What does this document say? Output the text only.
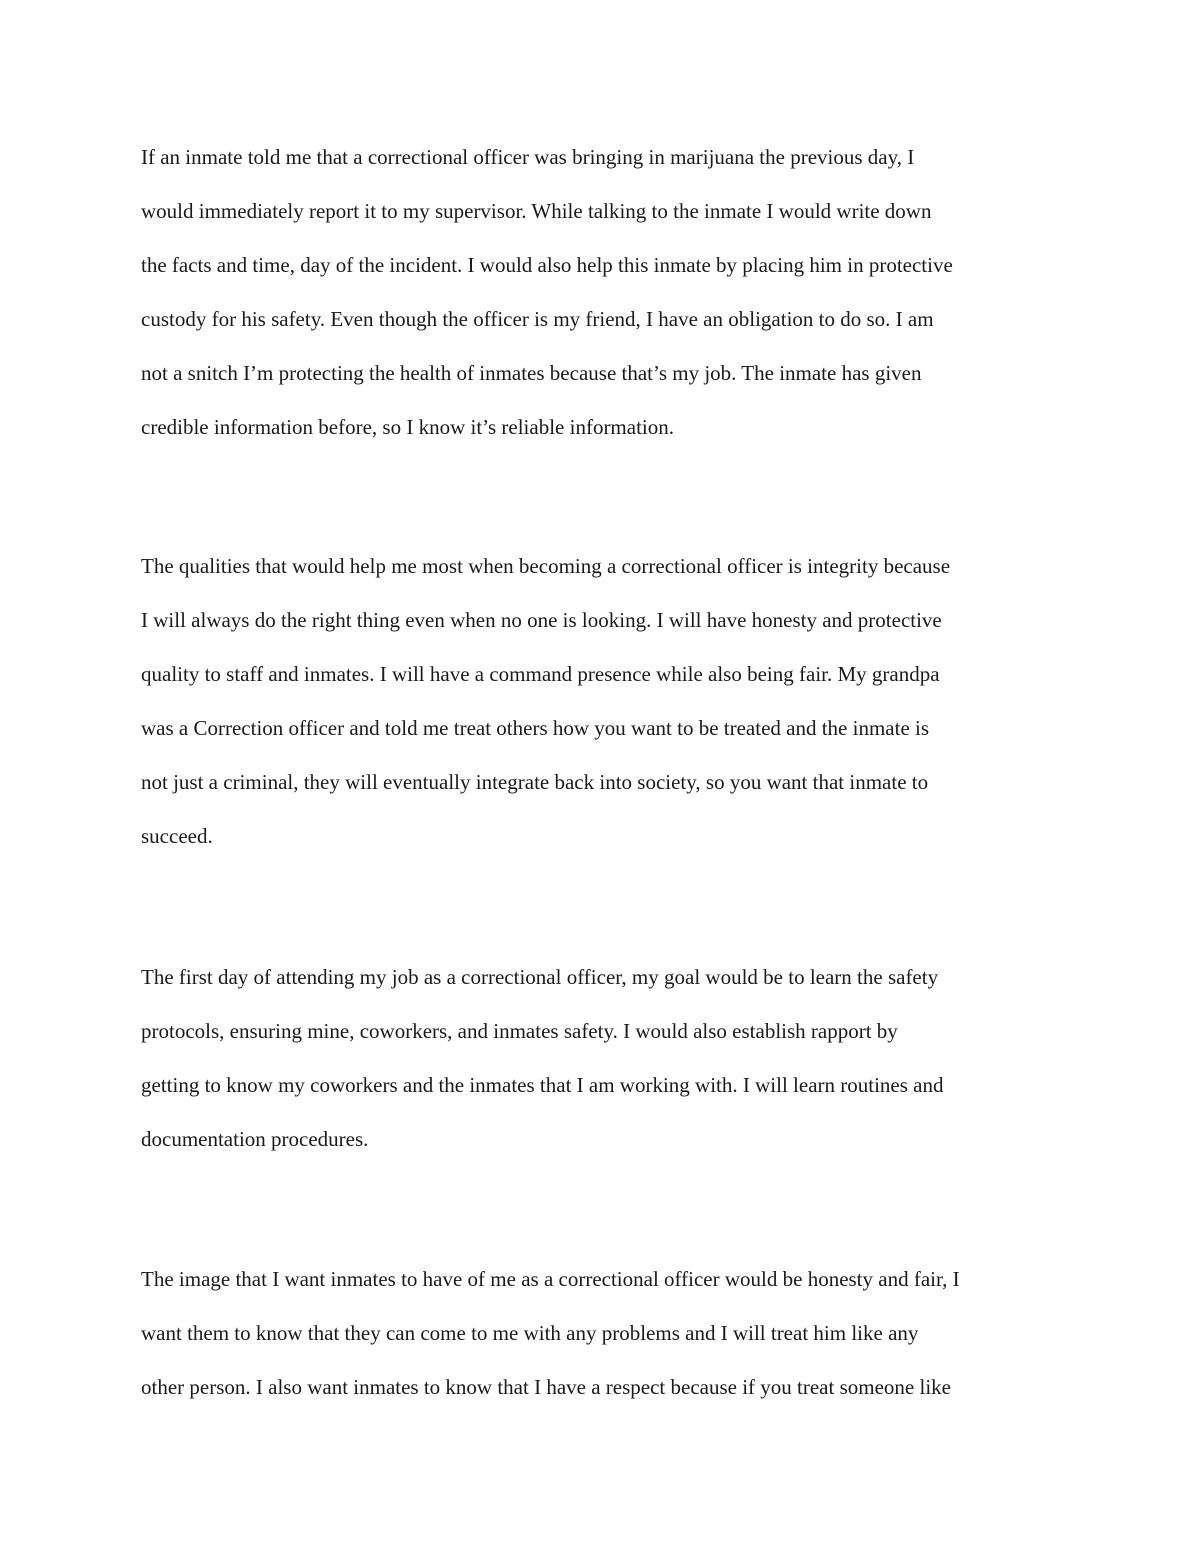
If an inmate told me that a correctional officer was bringing in marijuana the previous day, I

would immediately report it to my supervisor. While talking to the inmate I would write down

the facts and time, day of the incident. I would also help this inmate by placing him in protective

custody for his safety. Even though the officer is my friend, I have an obligation to do so. I am

not a snitch I’m protecting the health of inmates because that’s my job. The inmate has given

credible information before, so I know it’s reliable information.

The qualities that would help me most when becoming a correctional officer is integrity because

I will always do the right thing even when no one is looking. I will have honesty and protective

quality to staff and inmates. I will have a command presence while also being fair. My grandpa

was a Correction officer and told me treat others how you want to be treated and the inmate is

not just a criminal, they will eventually integrate back into society, so you want that inmate to

succeed.

The first day of attending my job as a correctional officer, my goal would be to learn the safety

protocols, ensuring mine, coworkers, and inmates safety. I would also establish rapport by

getting to know my coworkers and the inmates that I am working with. I will learn routines and

documentation procedures.

The image that I want inmates to have of me as a correctional officer would be honesty and fair, I

want them to know that they can come to me with any problems and I will treat him like any

other person. I also want inmates to know that I have a respect because if you treat someone like
